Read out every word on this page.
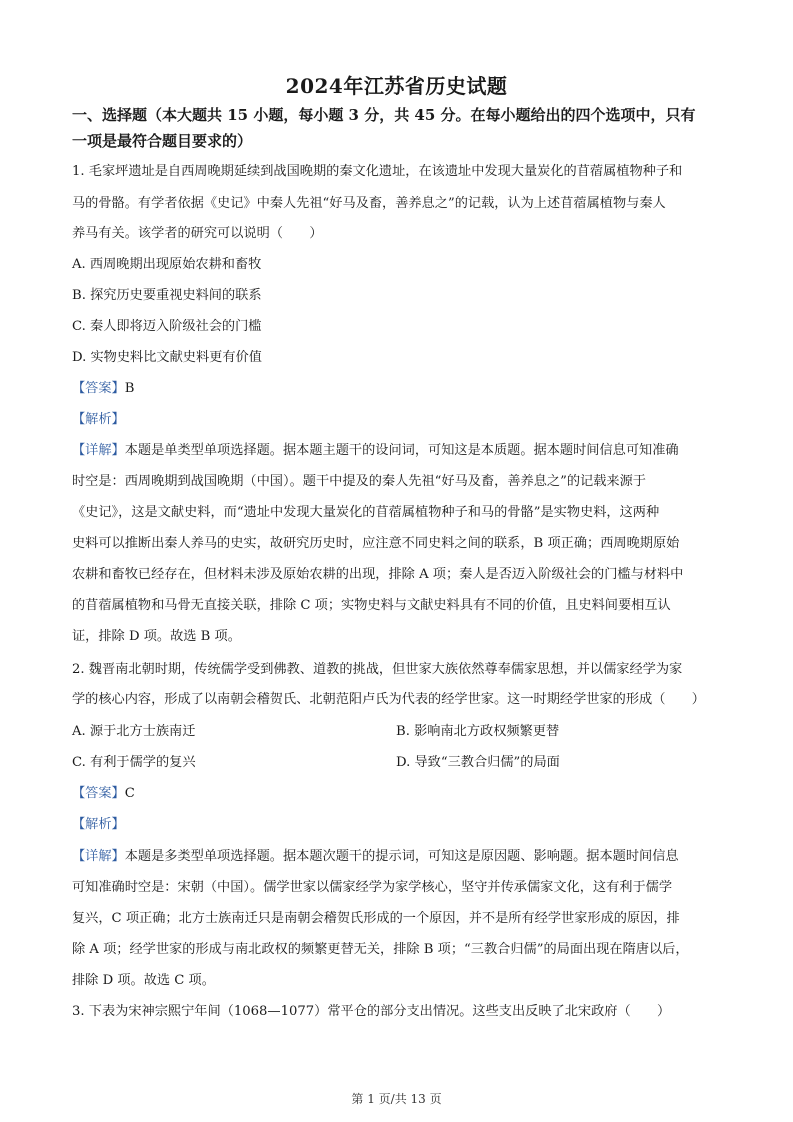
2024年江苏省历史试题
一、选择题（本大题共 15 小题，每小题 3 分，共 45 分。在每小题给出的四个选项中，只有
一项是最符合题目要求的）
1. 毛家坪遗址是自西周晚期延续到战国晚期的秦文化遗址，在该遗址中发现大量炭化的苜蓿属植物种子和
马的骨骼。有学者依据《史记》中秦人先祖“好马及畜，善养息之”的记载，认为上述苜蓿属植物与秦人
养马有关。该学者的研究可以说明（　　）
A. 西周晚期出现原始农耕和畜牧
B. 探究历史要重视史料间的联系
C. 秦人即将迈入阶级社会的门槛
D. 实物史料比文献史料更有价值
【答案】B
【解析】
【详解】本题是单类型单项选择题。据本题主题干的设问词，可知这是本质题。据本题时间信息可知准确
时空是：西周晚期到战国晚期（中国）。题干中提及的秦人先祖“好马及畜，善养息之”的记载来源于
《史记》，这是文献史料，而“遗址中发现大量炭化的苜蓿属植物种子和马的骨骼”是实物史料，这两种
史料可以推断出秦人养马的史实，故研究历史时，应注意不同史料之间的联系，B 项正确；西周晚期原始
农耕和畜牧已经存在，但材料未涉及原始农耕的出现，排除 A 项；秦人是否迈入阶级社会的门槛与材料中
的苜蓿属植物和马骨无直接关联，排除 C 项；实物史料与文献史料具有不同的价值，且史料间要相互认
证，排除 D 项。故选 B 项。
2. 魏晋南北朝时期，传统儒学受到佛教、道教的挑战，但世家大族依然尊奉儒家思想，并以儒家经学为家
学的核心内容，形成了以南朝会稽贺氏、北朝范阳卢氏为代表的经学世家。这一时期经学世家的形成（　　）
A. 源于北方士族南迁	B. 影响南北方政权频繁更替
C. 有利于儒学的复兴	D. 导致“三教合归儒”的局面
【答案】C
【解析】
【详解】本题是多类型单项选择题。据本题次题干的提示词，可知这是原因题、影响题。据本题时间信息
可知准确时空是：宋朝（中国）。儒学世家以儒家经学为家学核心，坚守并传承儒家文化，这有利于儒学
复兴，C 项正确；北方士族南迁只是南朝会稽贺氏形成的一个原因，并不是所有经学世家形成的原因，排
除 A 项；经学世家的形成与南北政权的频繁更替无关，排除 B 项；“三教合归儒”的局面出现在隋唐以后，
排除 D 项。故选 C 项。
3. 下表为宋神宗熙宁年间（1068—1077）常平仓的部分支出情况。这些支出反映了北宋政府（　　）
第 1 页/共 13 页
